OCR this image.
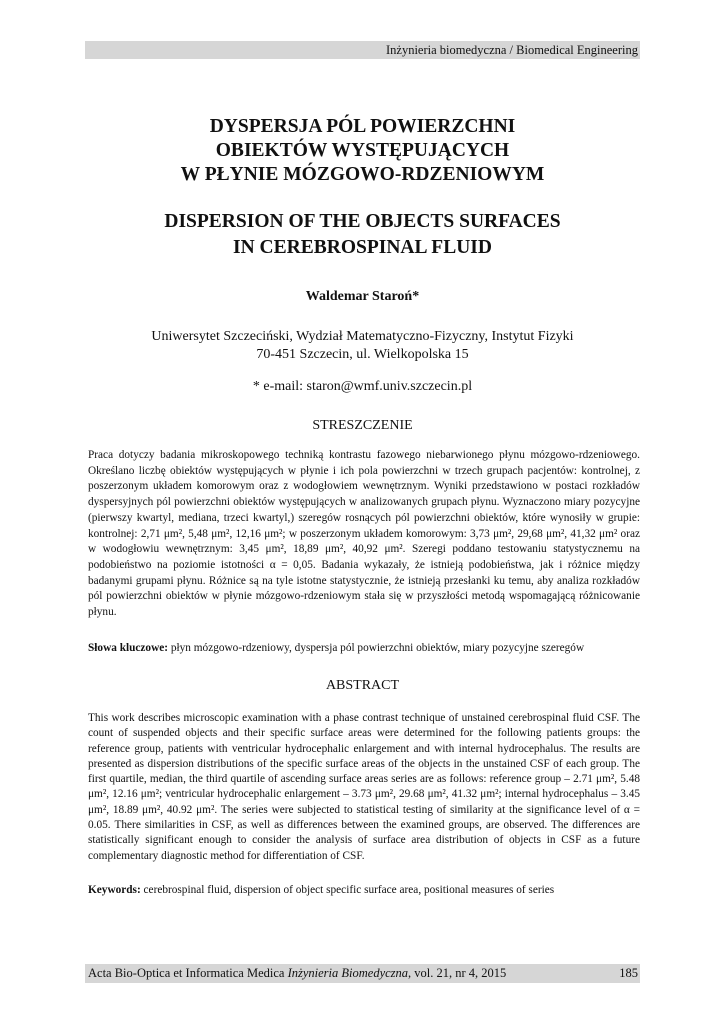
Inżynieria biomedyczna / Biomedical Engineering
DYSPERSJA PÓL POWIERZCHNI
OBIEKTÓW WYSTĘPUJĄCYCH
W PŁYNIE MÓZGOWO-RDZENIOWYM
DISPERSION OF THE OBJECTS SURFACES
IN CEREBROSPINAL FLUID
Waldemar Staroń*
Uniwersytet Szczeciński, Wydział Matematyczno-Fizyczny, Instytut Fizyki
70-451 Szczecin, ul. Wielkopolska 15
* e-mail: staron@wmf.univ.szczecin.pl
STRESZCZENIE
Praca dotyczy badania mikroskopowego techniką kontrastu fazowego niebarwionego płynu mózgowo-rdzeniowego. Określano liczbę obiektów występujących w płynie i ich pola powierzchni w trzech grupach pacjentów: kontrolnej, z poszerzonym układem komorowym oraz z wodogłowiem wewnętrznym. Wyniki przedstawiono w postaci rozkładów dyspersyjnych pól powierzchni obiektów występujących w analizowanych grupach płynu. Wyznaczono miary pozycyjne (pierwszy kwartyl, mediana, trzeci kwartyl,) szeregów rosnących pól powierzchni obiektów, które wynosiły w grupie: kontrolnej: 2,71 μm², 5,48 μm², 12,16 μm²; w poszerzonym układem komorowym: 3,73 μm², 29,68 μm², 41,32 μm² oraz w wodogłowiu wewnętrznym: 3,45 μm², 18,89 μm², 40,92 μm². Szeregi poddano testowaniu statystycznemu na podobieństwo na poziomie istotności α = 0,05. Badania wykazały, że istnieją podobieństwa, jak i różnice między badanymi grupami płynu. Różnice są na tyle istotne statystycznie, że istnieją przesłanki ku temu, aby analiza rozkładów pól powierzchni obiektów w płynie mózgowo-rdzeniowym stała się w przyszłości metodą wspomagającą różnicowanie płynu.
Słowa kluczowe: płyn mózgowo-rdzeniowy, dyspersja pól powierzchni obiektów, miary pozycyjne szeregów
ABSTRACT
This work describes microscopic examination with a phase contrast technique of unstained cerebrospinal fluid CSF. The count of suspended objects and their specific surface areas were determined for the following patients groups: the reference group, patients with ventricular hydrocephalic enlargement and with internal hydrocephalus. The results are presented as dispersion distributions of the specific surface areas of the objects in the unstained CSF of each group. The first quartile, median, the third quartile of ascending surface areas series are as follows: reference group – 2.71 μm², 5.48 μm², 12.16 μm²; ventricular hydrocephalic enlargement – 3.73 μm², 29.68 μm², 41.32 μm²; internal hydrocephalus – 3.45 μm², 18.89 μm², 40.92 μm². The series were subjected to statistical testing of similarity at the significance level of α = 0.05. There similarities in CSF, as well as differences between the examined groups, are observed. The differences are statistically significant enough to consider the analysis of surface area distribution of objects in CSF as a future complementary diagnostic method for differentiation of CSF.
Keywords: cerebrospinal fluid, dispersion of object specific surface area, positional measures of series
Acta Bio-Optica et Informatica Medica Inżynieria Biomedyczna, vol. 21, nr 4, 2015	185
